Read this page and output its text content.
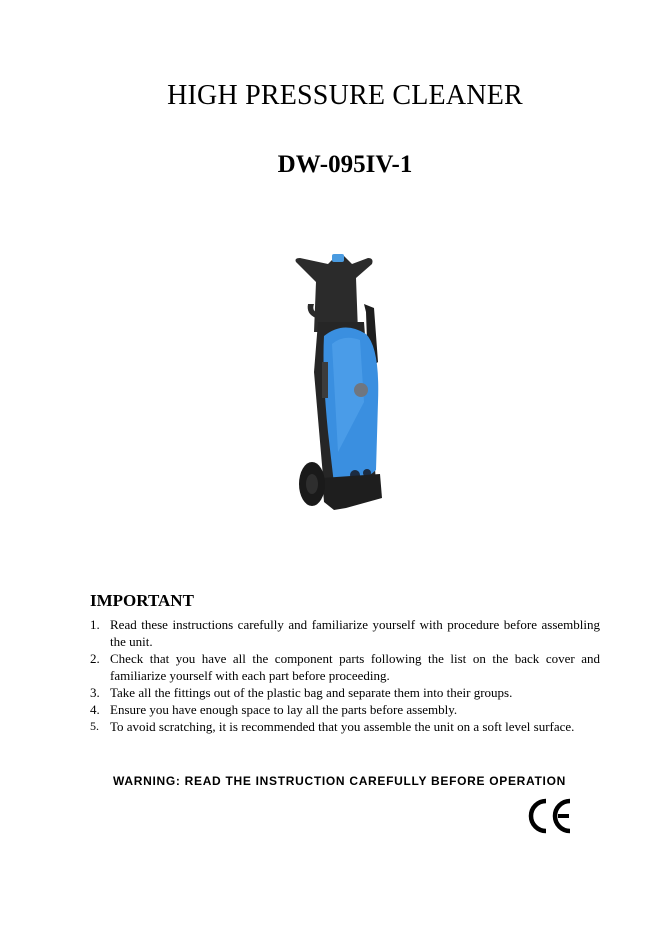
HIGH PRESSURE CLEANER
DW-095IV-1
IMPORTANT
1. Read these instructions carefully and familiarize yourself with procedure before assembling the unit.
2. Check that you have all the component parts following the list on the back cover and familiarize yourself with each part before proceeding.
3. Take all the fittings out of the plastic bag and separate them into their groups.
4. Ensure you have enough space to lay all the parts before assembly.
5. To avoid scratching, it is recommended that you assemble the unit on a soft level surface.
WARNING: READ THE INSTRUCTION CAREFULLY BEFORE OPERATION
